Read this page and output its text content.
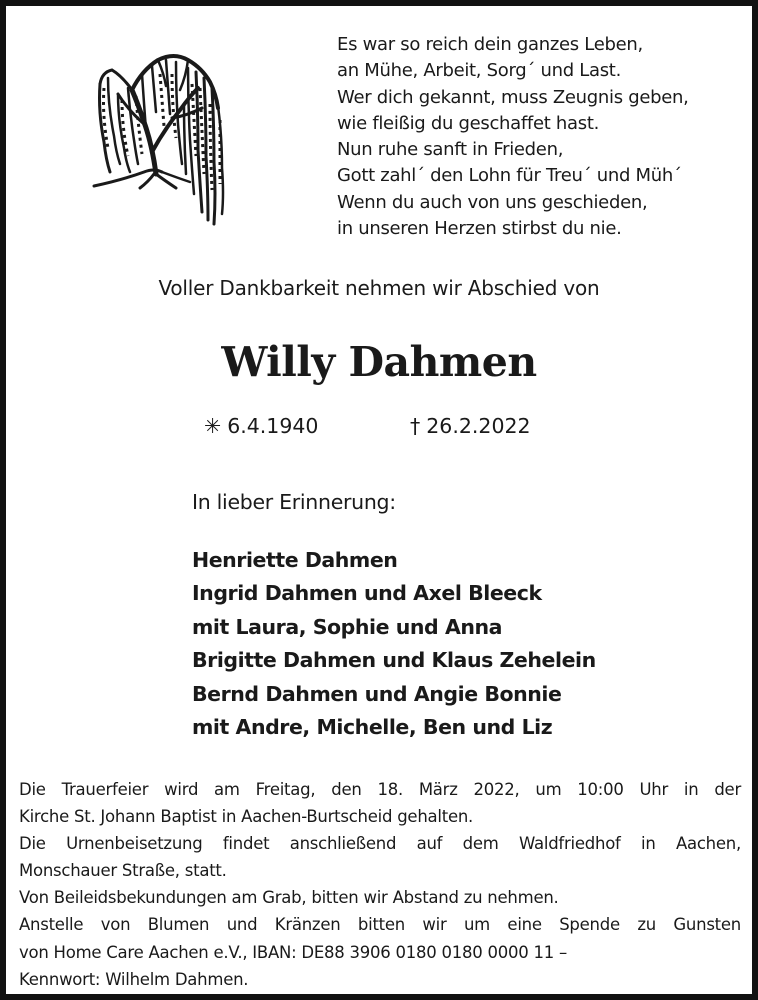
Es war so reich dein ganzes Leben,
an Mühe, Arbeit, Sorg´ und Last.
Wer dich gekannt, muss Zeugnis geben,
wie fleißig du geschaffet hast.
Nun ruhe sanft in Frieden,
Gott zahl´ den Lohn für Treu´ und Müh´
Wenn du auch von uns geschieden,
in unseren Herzen stirbst du nie.
Voller Dankbarkeit nehmen wir Abschied von
Willy Dahmen
✳ 6.4.1940	† 26.2.2022
In lieber Erinnerung:
Henriette Dahmen
Ingrid Dahmen und Axel Bleeck
mit Laura, Sophie und Anna
Brigitte Dahmen und Klaus Zehelein
Bernd Dahmen und Angie Bonnie
mit Andre, Michelle, Ben und Liz
Die Trauerfeier wird am Freitag, den 18. März 2022, um 10:00 Uhr in der
Kirche St. Johann Baptist in Aachen-Burtscheid gehalten.
Die Urnenbeisetzung findet anschließend auf dem Waldfriedhof in Aachen,
Monschauer Straße, statt.
Von Beileidsbekundungen am Grab, bitten wir Abstand zu nehmen.
Anstelle von Blumen und Kränzen bitten wir um eine Spende zu Gunsten
von Home Care Aachen e.V., IBAN: DE88 3906 0180 0180 0000 11 –
Kennwort: Wilhelm Dahmen.
